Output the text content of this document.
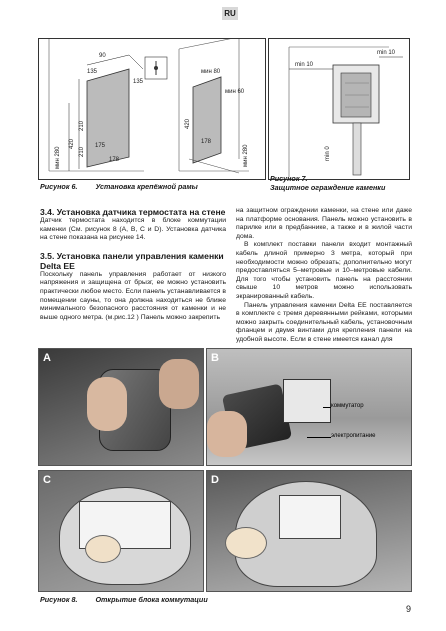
RU
90
135
135
210
420
210
175
мин 280
мин 80
мин 60
420
178
мин 280
178
min 10
min 10
min 0
Рисунок 6.	Установка крепёжной рамы
Рисунок 7.
Защитное ограждение каменки
3.4. Установка датчика термостата на стене

Датчик термостата находится в блоке коммутации каменки (См. рисунок 8 (A, B, C и D). Установка датчика на стене показана на рисунке 14.

3.5. Установка панели управления каменки Delta EE

Поскольку панель управления работает от низкого напряжения и защищена от брызг, ее можно установить практически любое место. Если панель устанавливается в помещении сауны, то она должна находиться не ближе минимального безопасного расстояния от каменки и не выше одного метра. (м.рис.12 ) Панель можно закрепить

на защитном ограждении каменки, на стене или даже на платформе основания. Панель можно установить в парилке или в предбаннике, а также и в жилой части дома.

В комплект поставки панели входит монтажный кабель длиной примерно 3 метра, который при необходимости можно обрезать; дополнительно могут предоставляться 5–метровые и 10–метровые кабели. Для того чтобы установить панель на расстоянии свыше 10 метров можно использовать экранированный кабель.

Панель управления каменки Delta EE поставляется в комплекте с тремя деревянными рейками, которыми можно закрыть соединительный кабель, установочным фланцем и двумя винтами для крепления панели на удобной высоте. Если в стене имеется канал для

A
коммутатор
электропитание
B
C	D
Рисунок 8.	Открытие блока коммутации
9
